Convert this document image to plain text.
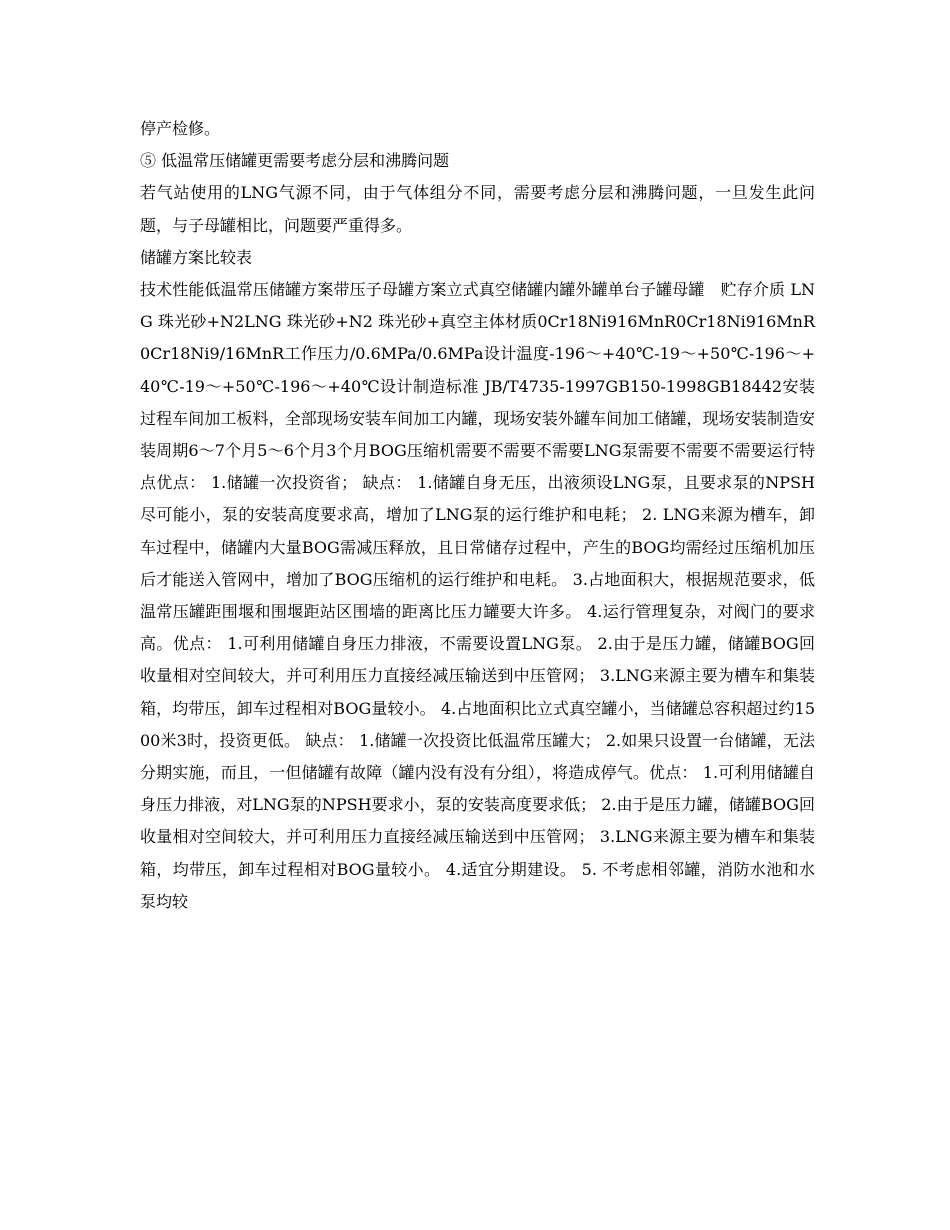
停产检修。

⑤ 低温常压储罐更需要考虑分层和沸腾问题

若气站使用的LNG气源不同，由于气体组分不同，需要考虑分层和沸腾问题，一旦发生此问题，与子母罐相比，问题要严重得多。

储罐方案比较表

技术性能低温常压储罐方案带压子母罐方案立式真空储罐内罐外罐单台子罐母罐　贮存介质 LNG 珠光砂+N2LNG 珠光砂+N2 珠光砂+真空主体材质0Cr18Ni916MnR0Cr18Ni916MnR0Cr18Ni9/16MnR工作压力/0.6MPa/0.6MPa设计温度-196～+40℃-19～+50℃-196～+40℃-19～+50℃-196～+40℃设计制造标准 JB/T4735-1997GB150-1998GB18442安装过程车间加工板料，全部现场安装车间加工内罐，现场安装外罐车间加工储罐，现场安装制造安装周期6～7个月5～6个月3个月BOG压缩机需要不需要不需要LNG泵需要不需要不需要运行特点优点： 1.储罐一次投资省； 缺点： 1.储罐自身无压，出液须设LNG泵，且要求泵的NPSH尽可能小，泵的安装高度要求高，增加了LNG泵的运行维护和电耗； 2. LNG来源为槽车，卸车过程中，储罐内大量BOG需减压释放，且日常储存过程中，产生的BOG均需经过压缩机加压后才能送入管网中，增加了BOG压缩机的运行维护和电耗。 3.占地面积大，根据规范要求，低温常压罐距围堰和围堰距站区围墙的距离比压力罐要大许多。 4.运行管理复杂，对阀门的要求高。优点： 1.可利用储罐自身压力排液，不需要设置LNG泵。 2.由于是压力罐，储罐BOG回收量相对空间较大，并可利用压力直接经减压输送到中压管网； 3.LNG来源主要为槽车和集装箱，均带压，卸车过程相对BOG量较小。 4.占地面积比立式真空罐小，当储罐总容积超过约1500米3时，投资更低。 缺点： 1.储罐一次投资比低温常压罐大； 2.如果只设置一台储罐，无法分期实施，而且，一但储罐有故障（罐内没有没有分组），将造成停气。优点： 1.可利用储罐自身压力排液，对LNG泵的NPSH要求小，泵的安装高度要求低； 2.由于是压力罐，储罐BOG回收量相对空间较大，并可利用压力直接经减压输送到中压管网； 3.LNG来源主要为槽车和集装箱，均带压，卸车过程相对BOG量较小。 4.适宜分期建设。 5. 不考虑相邻罐，消防水池和水泵均较
